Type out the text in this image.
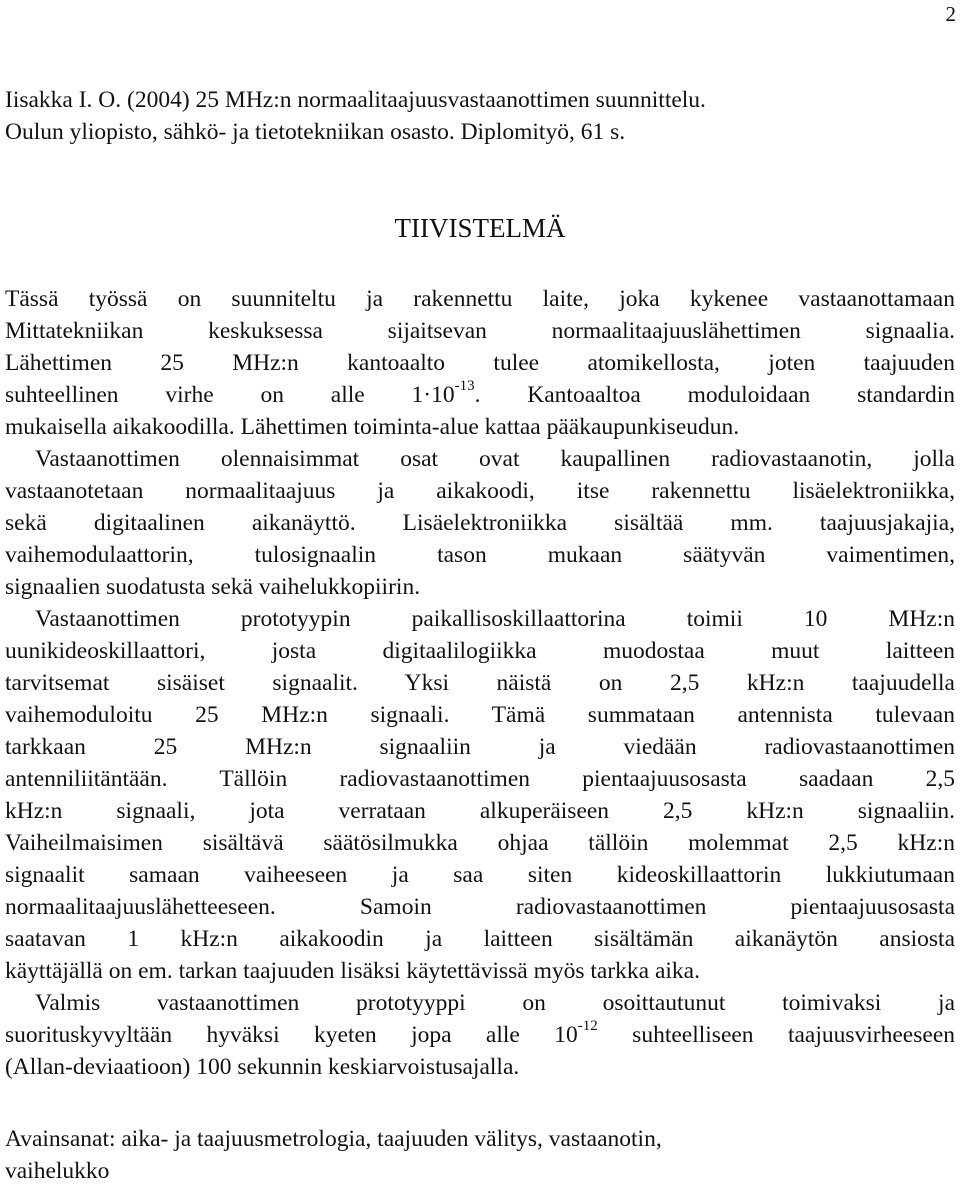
2
Iisakka I. O. (2004) 25 MHz:n normaalitaajuusvastaanottimen suunnittelu.
Oulun yliopisto, sähkö- ja tietotekniikan osasto. Diplomityö, 61 s.
TIIVISTELMÄ
Tässä työssä on suunniteltu ja rakennettu laite, joka kykenee vastaanottamaan
Mittatekniikan keskuksessa sijaitsevan normaalitaajuuslähettimen signaalia.
Lähettimen 25 MHz:n kantoaalto tulee atomikellosta, joten taajuuden
suhteellinen virhe on alle $1\cdot 10^{-13}$. Kantoaaltoa moduloidaan standardin
mukaisella aikakoodilla. Lähettimen toiminta-alue kattaa pääkaupunkiseudun.
Vastaanottimen olennaisimmat osat ovat kaupallinen radiovastaanotin, jolla
vastaanotetaan normaalitaajuus ja aikakoodi, itse rakennettu lisäelektroniikka,
sekä digitaalinen aikanäyttö. Lisäelektroniikka sisältää mm. taajuusjakajia,
vaihemodulaattorin, tulosignaalin tason mukaan säätyvän vaimentimen,
signaalien suodatusta sekä vaihelukkopiirin.
Vastaanottimen prototyypin paikallisoskillaattorina toimii 10 MHz:n
uunikideoskillaattori, josta digitaalilogiikka muodostaa muut laitteen
tarvitsemat sisäiset signaalit. Yksi näistä on 2,5 kHz:n taajuudella
vaihemoduloitu 25 MHz:n signaali. Tämä summataan antennista tulevaan
tarkkaan 25 MHz:n signaaliin ja viedään radiovastaanottimen
antenniliitäntään. Tällöin radiovastaanottimen pientaajuusosasta saadaan 2,5
kHz:n signaali, jota verrataan alkuperäiseen 2,5 kHz:n signaaliin.
Vaiheilmaisimen sisältävä säätösilmukka ohjaa tällöin molemmat 2,5 kHz:n
signaalit samaan vaiheeseen ja saa siten kideoskillaattorin lukkiutumaan
normaalitaajuuslähetteeseen. Samoin radiovastaanottimen pientaajuusosasta
saatavan 1 kHz:n aikakoodin ja laitteen sisältämän aikanäytön ansiosta
käyttäjällä on em. tarkan taajuuden lisäksi käytettävissä myös tarkka aika.
Valmis vastaanottimen prototyyppi on osoittautunut toimivaksi ja
suorituskyvyltään hyväksi kyeten jopa alle $10^{-12}$ suhteelliseen taajuusvirheeseen
(Allan-deviaatioon) 100 sekunnin keskiarvoistusajalla.
Avainsanat: aika- ja taajuusmetrologia, taajuuden välitys, vastaanotin,
vaihelukko
